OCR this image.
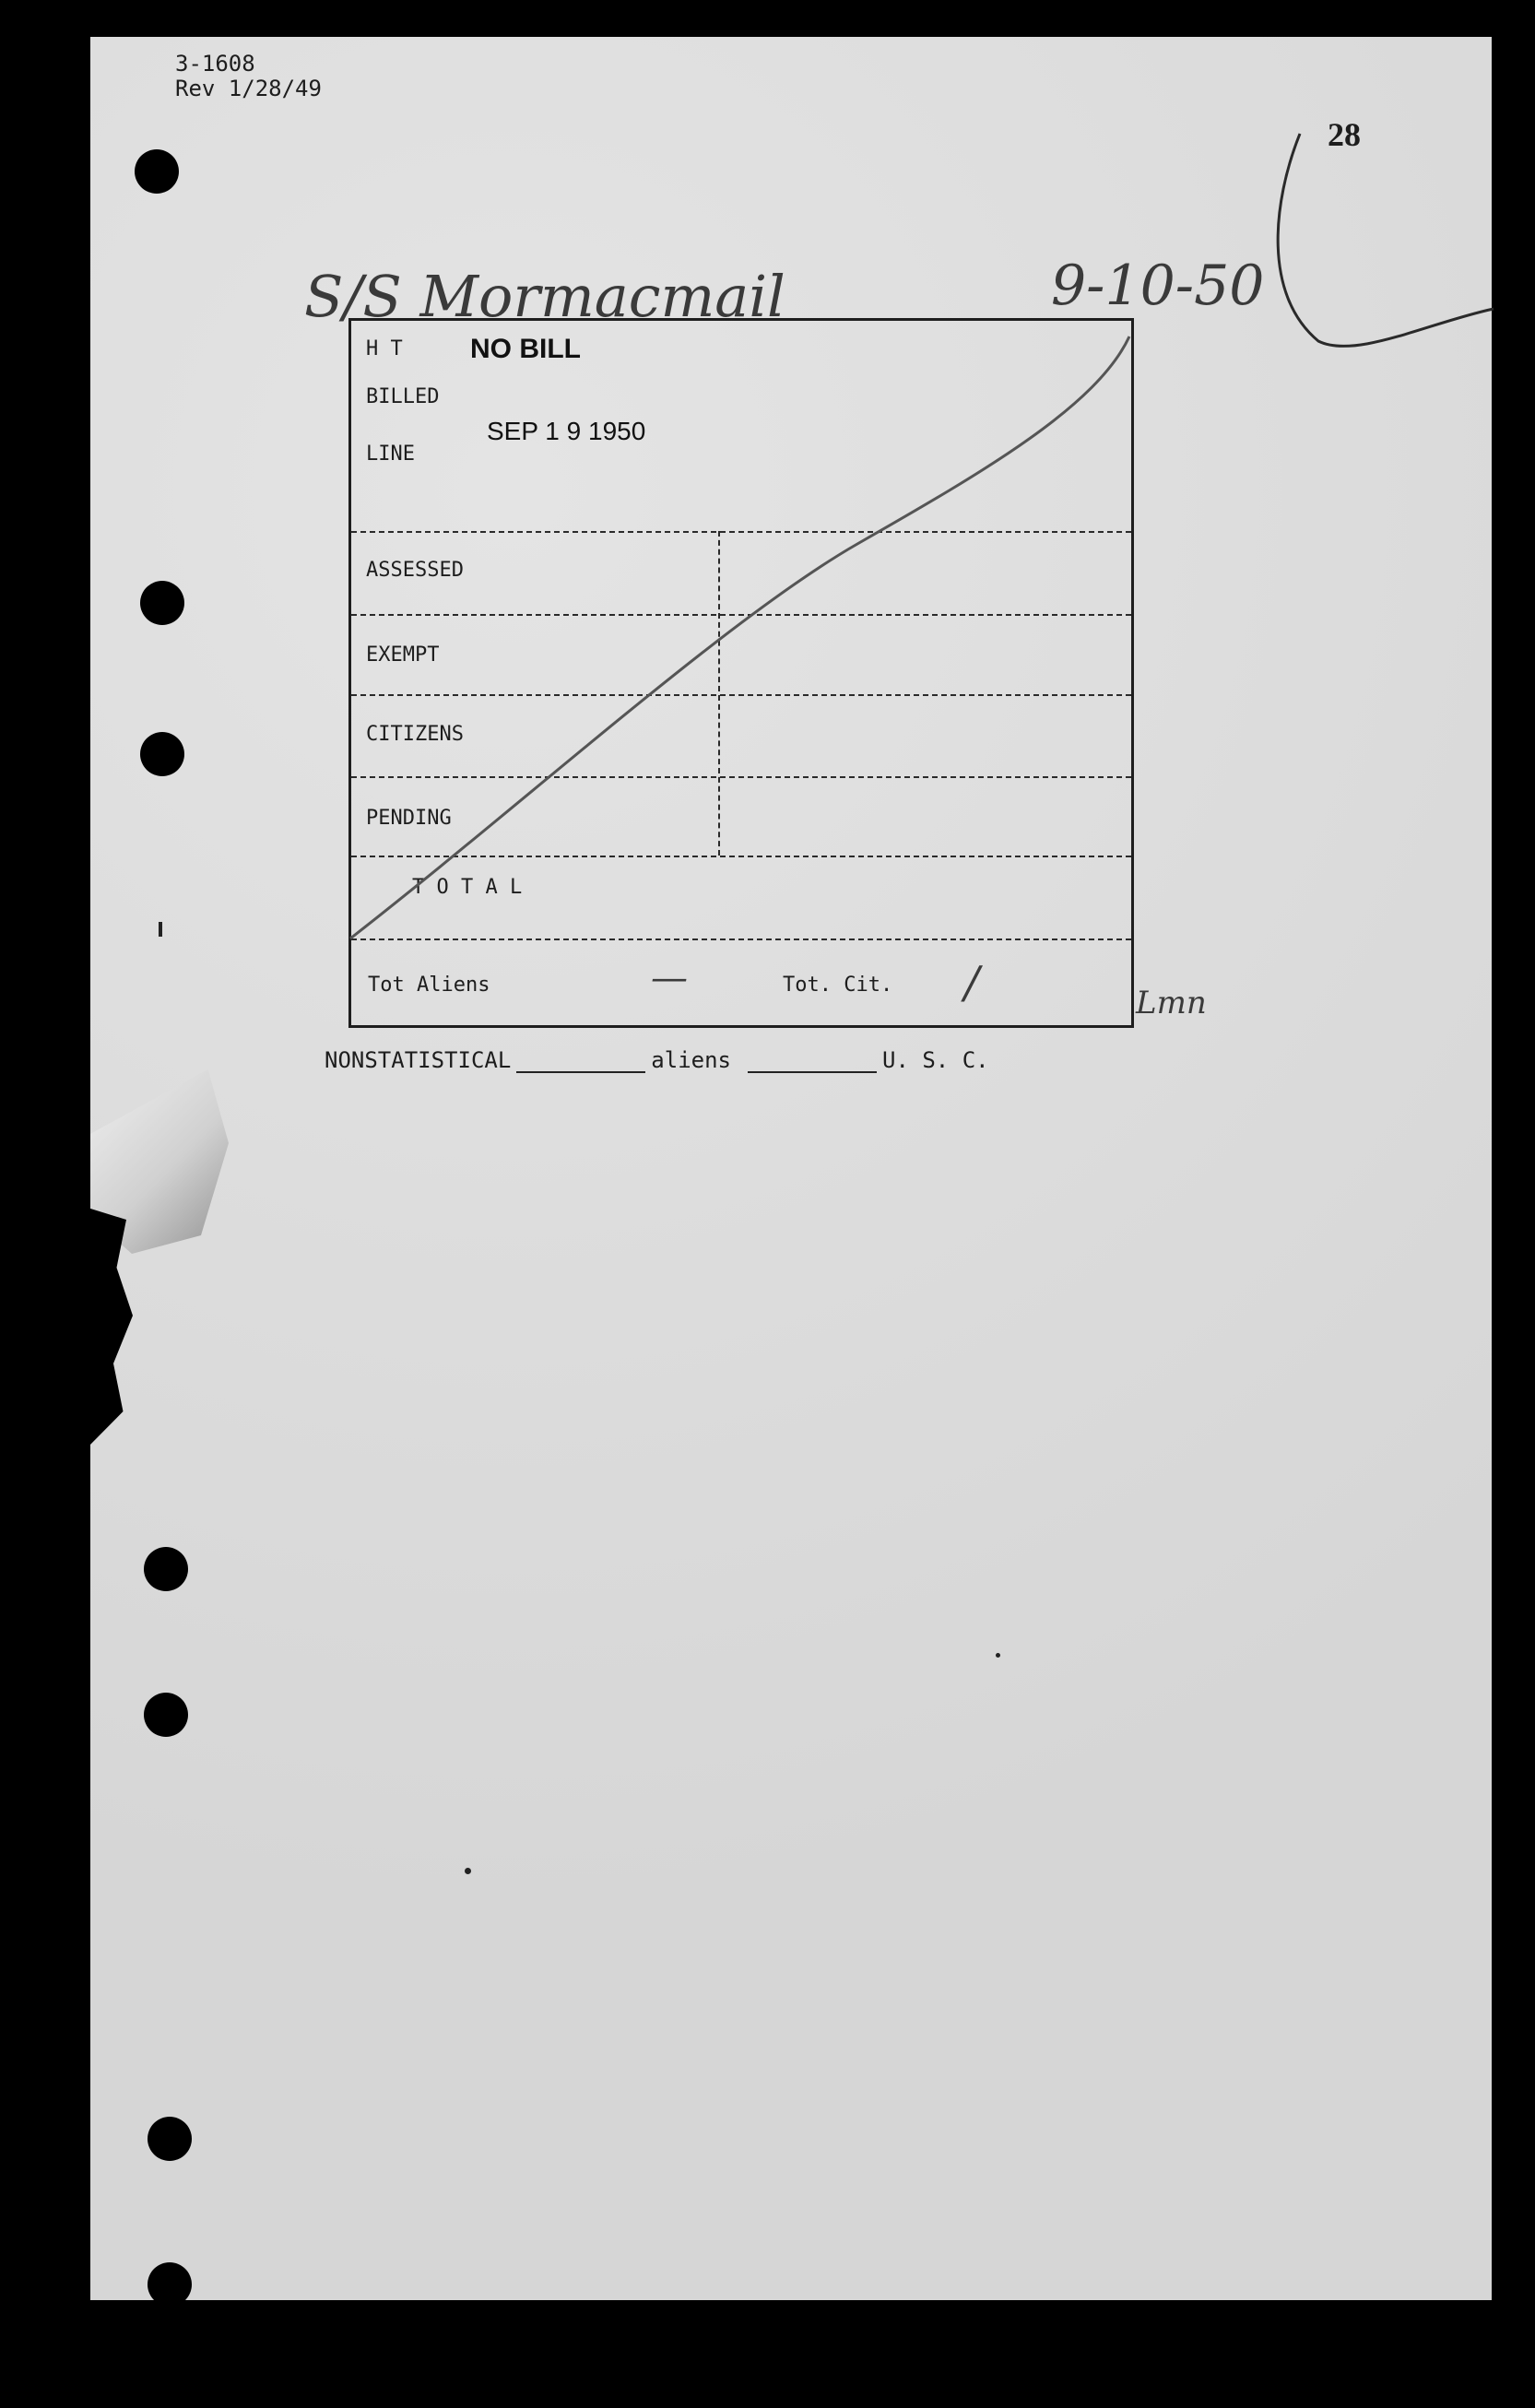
3-1608
Rev 1/28/49
28
S/S Mormacmail	9-10-50
H T
BILLED
LINE
ASSESSED
EXEMPT
CITIZENS
PENDING
T O T A L
Tot Aliens	—	Tot. Cit. /
NO BILL
SEP 1 9 1950
Lmn
NONSTATISTICAL	aliens	U. S. C.
